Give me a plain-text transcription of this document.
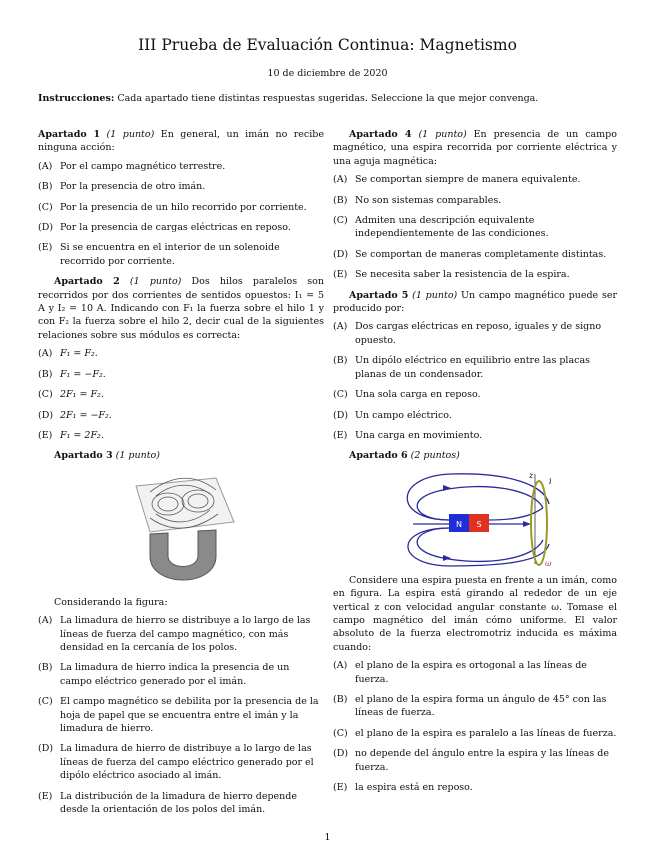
III Prueba de Evaluación Continua: Magnetismo
10 de diciembre de 2020
Instrucciones: Cada apartado tiene distintas respuestas sugeridas. Seleccione la que mejor convenga.

Apartado 1 (1 punto) En general, un imán no recibe ninguna acción:

(A) Por el campo magnético terrestre.
(B) Por la presencia de otro imán.
(C) Por la presencia de un hilo recorrido por corriente.
(D) Por la presencia de cargas eléctricas en reposo.
(E) Si se encuentra en el interior de un solenoide recorrido por corriente.

Apartado 2 (1 punto) Dos hilos paralelos son recorridos por dos corrientes de sentidos opuestos: I₁ = 5 A y I₂ = 10 A. Indicando con F₁ la fuerza sobre el hilo 1 y con F₂ la fuerza sobre el hilo 2, decir cual de la siguientes relaciones sobre sus módulos es correcta:

(A) F₁ = F₂.
(B) F₁ = −F₂.
(C) 2F₁ = F₂.
(D) 2F₁ = −F₂.
(E) F₁ = 2F₂.

Apartado 3 (1 punto)

Considerando la figura:

(A) La limadura de hierro se distribuye a lo largo de las líneas de fuerza del campo magnético, con más densidad en la cercanía de los polos.
(B) La limadura de hierro indica la presencia de un campo eléctrico generado por el imán.
(C) El campo magnético se debilita por la presencia de la hoja de papel que se encuentra entre el imán y la limadura de hierro.
(D) La limadura de hierro de distribuye a lo largo de las líneas de fuerza del campo eléctrico generado por el dipólo eléctrico asociado al imán.
(E) La distribución de la limadura de hierro depende desde la orientación de los polos del imán.

Apartado 4 (1 punto) En presencia de un campo magnético, una espira recorrida por corriente eléctrica y una aguja magnética:

(A) Se comportan siempre de manera equivalente.
(B) No son sistemas comparables.
(C) Admiten una descripción equivalente independientemente de las condiciones.
(D) Se comportan de maneras completamente distintas.
(E) Se necesita saber la resistencia de la espira.

Apartado 5 (1 punto) Un campo magnético puede ser producido por:

(A) Dos cargas eléctricas en reposo, iguales y de signo opuesto.
(B) Un dipólo eléctrico en equilibrio entre las placas planas de un condensador.
(C) Una sola carga en reposo.
(D) Un campo eléctrico.
(E) Una carga en movimiento.

Apartado 6 (2 puntos)

N S
z
i
ω

Considere una espira puesta en frente a un imán, como en figura. La espira está girando al rededor de un eje vertical z con velocidad angular constante ω. Tomase el campo magnético del imán cómo uniforme. El valor absoluto de la fuerza electromotriz inducida es máxima cuando:

(A) el plano de la espira es ortogonal a las líneas de fuerza.
(B) el plano de la espira forma un ángulo de 45° con las líneas de fuerza.
(C) el plano de la espira es paralelo a las líneas de fuerza.
(D) no depende del ángulo entre la espira y las líneas de fuerza.
(E) la espira está en reposo.
1
